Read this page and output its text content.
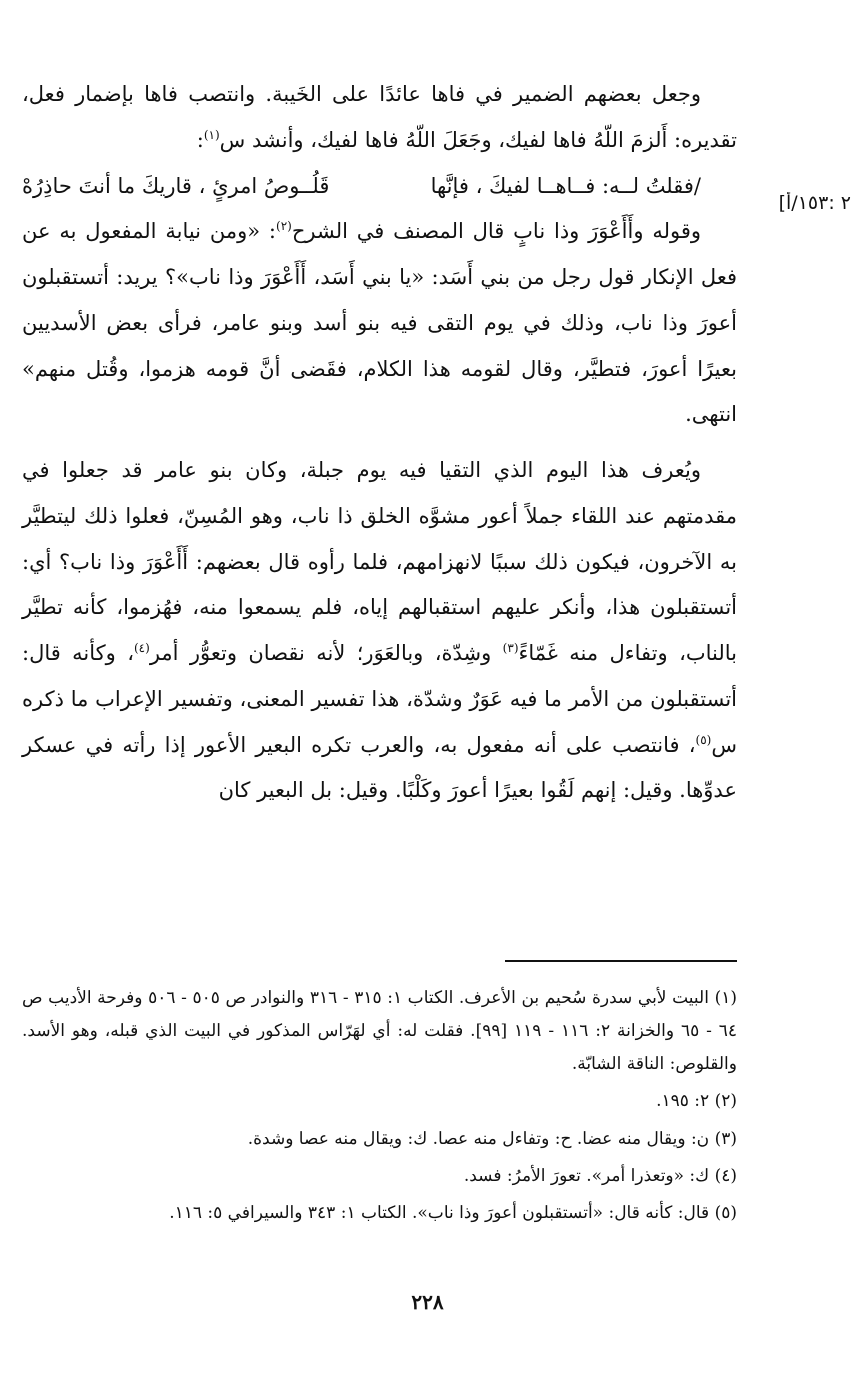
٢ :١٥٣/أ]

وجعل بعضهم الضمير في فاها عائدًا على الخَيبة. وانتصب فاها بإضمار فعل، تقديره: أَلزمَ اللّهُ فاها لفيك، وجَعَلَ اللّهُ فاها لفيك، وأنشد س$^{(١)}$:

/فقلتُ لــه: فــاهــا لفيكَ ، فإنَّها
قَلُــوصُ امرئٍ ، قاريكَ ما أنتَ حاذِرُهْ

وقوله وأَأَعْوَرَ وذا نابٍ قال المصنف في الشرح$^{(٢)}$: «ومن نيابة المفعول به عن فعل الإنكار قول رجل من بني أَسَد: «يا بني أَسَد، أَأَعْوَرَ وذا ناب»؟ يريد: أتستقبلون أعورَ وذا ناب، وذلك في يوم التقى فيه بنو أسد وبنو عامر، فرأى بعض الأسديين بعيرًا أعورَ، فتطيَّر، وقال لقومه هذا الكلام، فقَضى أنَّ قومه هزموا، وقُتل منهم» انتهى.

ويُعرف هذا اليوم الذي التقيا فيه يوم جبلة، وكان بنو عامر قد جعلوا في مقدمتهم عند اللقاء جملاً أعور مشوَّه الخلق ذا ناب، وهو المُسِنّ، فعلوا ذلك ليتطيَّر به الآخرون، فيكون ذلك سببًا لانهزامهم، فلما رأوه قال بعضهم: أَأَعْوَرَ وذا ناب؟ أي: أتستقبلون هذا، وأنكر عليهم استقبالهم إياه، فلم يسمعوا منه، فهُزموا، كأنه تطيَّر بالناب، وتفاءل منه غَمّاءً$^{(٣)}$ وشِدّة، وبالعَوَر؛ لأنه نقصان وتعوُّر أمر$^{(٤)}$، وكأنه قال: أتستقبلون من الأمر ما فيه عَوَرٌ وشدّة، هذا تفسير المعنى، وتفسير الإعراب ما ذكره س$^{(٥)}$، فانتصب على أنه مفعول به، والعرب تكره البعير الأعور إذا رأته في عسكر عدوِّها. وقيل: إنهم لَقُوا بعيرًا أعورَ وكَلْبًا. وقيل: بل البعير كان

(١) البيت لأبي سدرة سُحيم بن الأعرف. الكتاب ١: ٣١٥ - ٣١٦ والنوادر ص ٥٠٥ - ٥٠٦ وفرحة الأديب ص ٦٤ - ٦٥ والخزانة ٢: ١١٦ - ١١٩ [٩٩]. فقلت له: أي لهَرّاس المذكور في البيت الذي قبله، وهو الأسد. والقلوص: الناقة الشابّة.

(٢) ٢: ١٩٥.

(٣) ن: ويقال منه عضا. ح: وتفاءل منه عصا. ك: ويقال منه عصا وشدة.

(٤) ك: «وتعذرا أمر». تعورَ الأمرُ: فسد.

(٥) قال: كأنه قال: «أتستقبلون أعورَ وذا ناب». الكتاب ١: ٣٤٣ والسيرافي ٥: ١١٦.

٢٢٨
